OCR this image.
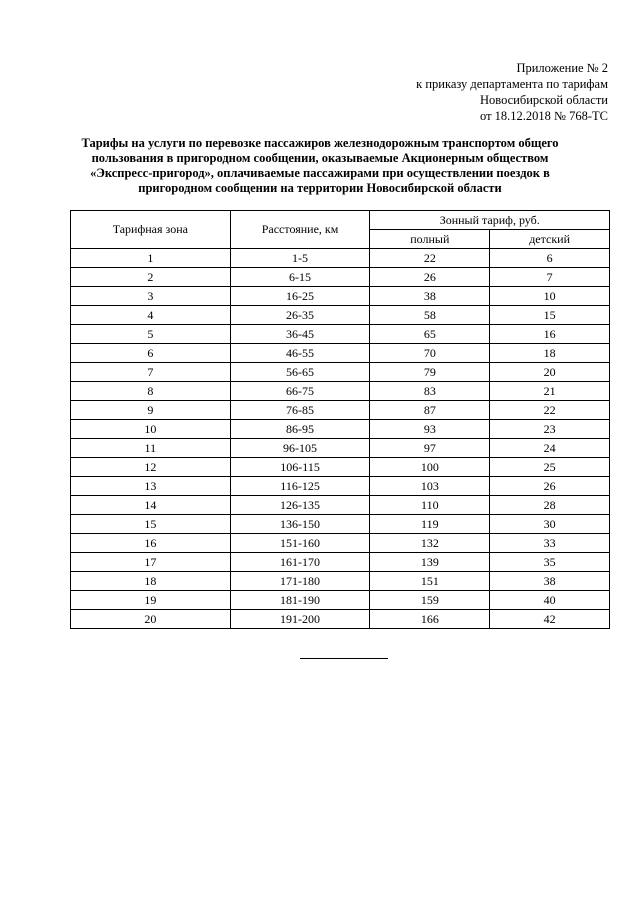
Приложение № 2
к приказу департамента по тарифам
Новосибирской области
от 18.12.2018 № 768-ТС
Тарифы на услуги по перевозке пассажиров железнодорожным транспортом общего
пользования в пригородном сообщении, оказываемые Акционерным обществом
«Экспресс-пригород», оплачиваемые пассажирами при осуществлении поездок в
пригородном сообщении на территории Новосибирской области
Тарифная зона	Расстояние, км	Зонный тариф, руб.	
		полный	детский
1	1-5	22	6
2	6-15	26	7
3	16-25	38	10
4	26-35	58	15
5	36-45	65	16
6	46-55	70	18
7	56-65	79	20
8	66-75	83	21
9	76-85	87	22
10	86-95	93	23
11	96-105	97	24
12	106-115	100	25
13	116-125	103	26
14	126-135	110	28
15	136-150	119	30
16	151-160	132	33
17	161-170	139	35
18	171-180	151	38
19	181-190	159	40
20	191-200	166	42
